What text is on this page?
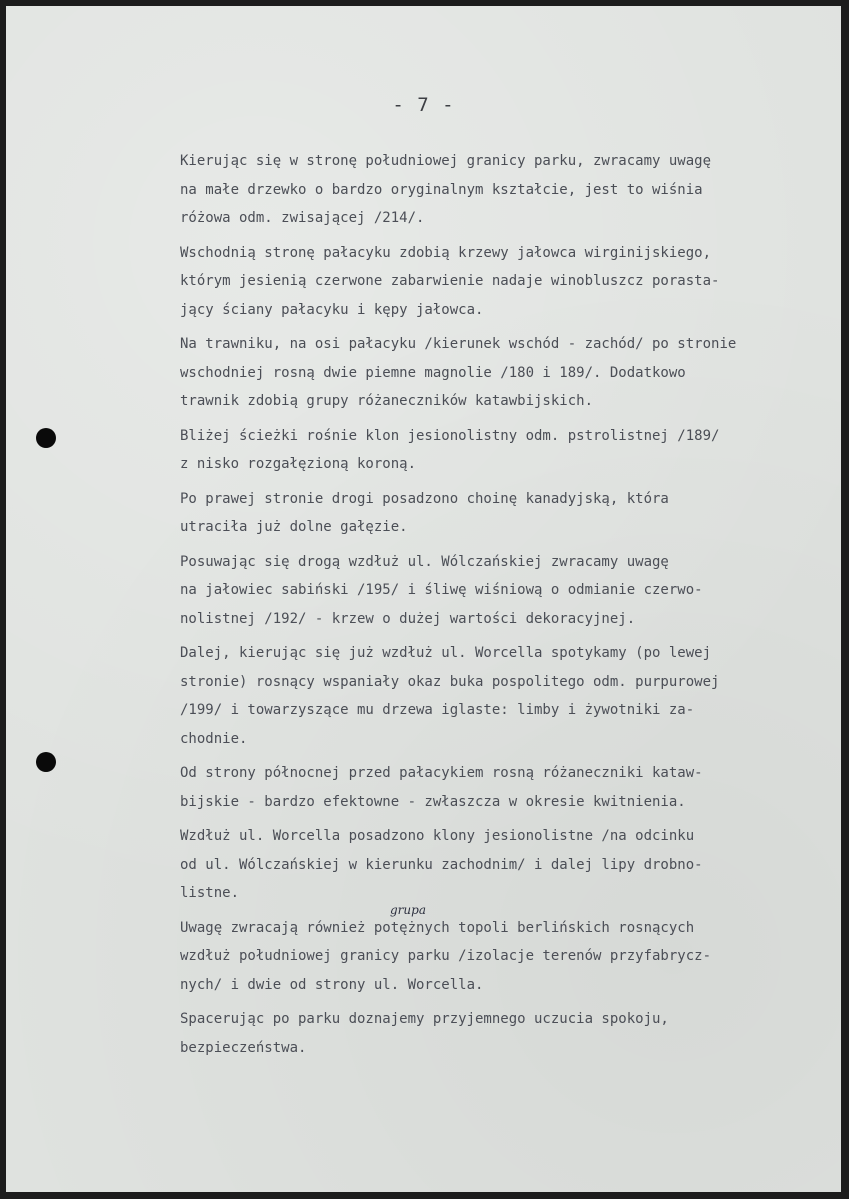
- 7 -

Kierując się w stronę południowej granicy parku, zwracamy uwagę
na małe drzewko o bardzo oryginalnym kształcie, jest to wiśnia
różowa odm. zwisającej /214/.

Wschodnią stronę pałacyku zdobią krzewy jałowca wirginijskiego,
którym jesienią czerwone zabarwienie nadaje winobluszcz porasta-
jący ściany pałacyku i kępy jałowca.

Na trawniku, na osi pałacyku /kierunek wschód - zachód/ po stronie
wschodniej rosną dwie piemne magnolie /180 i 189/. Dodatkowo
trawnik zdobią grupy różaneczników katawbijskich.

Bliżej ścieżki rośnie klon jesionolistny odm. pstrolistnej /189/
z nisko rozgałęzioną koroną.

Po prawej stronie drogi posadzono choinę kanadyjską, która
utraciła już dolne gałęzie.

Posuwając się drogą wzdłuż ul. Wólczańskiej zwracamy uwagę
na jałowiec sabiński /195/ i śliwę wiśniową o odmianie czerwo-
nolistnej /192/ - krzew o dużej wartości dekoracyjnej.

Dalej, kierując się już wzdłuż ul. Worcella spotykamy (po lewej
stronie) rosnący wspaniały okaz buka pospolitego odm. purpurowej
/199/ i towarzyszące mu drzewa iglaste: limby i żywotniki za-
chodnie.

Od strony północnej przed pałacykiem rosną różaneczniki kataw-
bijskie - bardzo efektowne - zwłaszcza w okresie kwitnienia.

Wzdłuż ul. Worcella posadzono klony jesionolistne /na odcinku
od ul. Wólczańskiej w kierunku zachodnim/ i dalej lipy drobno-
listne.

Uwagę zwracają również potężnych topoli berlińskich rosnących
wzdłuż południowej granicy parku /izolacje terenów przyfabrycz-
nych/ i dwie od strony ul. Worcella.

Spacerując po parku doznajemy przyjemnego uczucia spokoju,
bezpieczeństwa.

grupa
